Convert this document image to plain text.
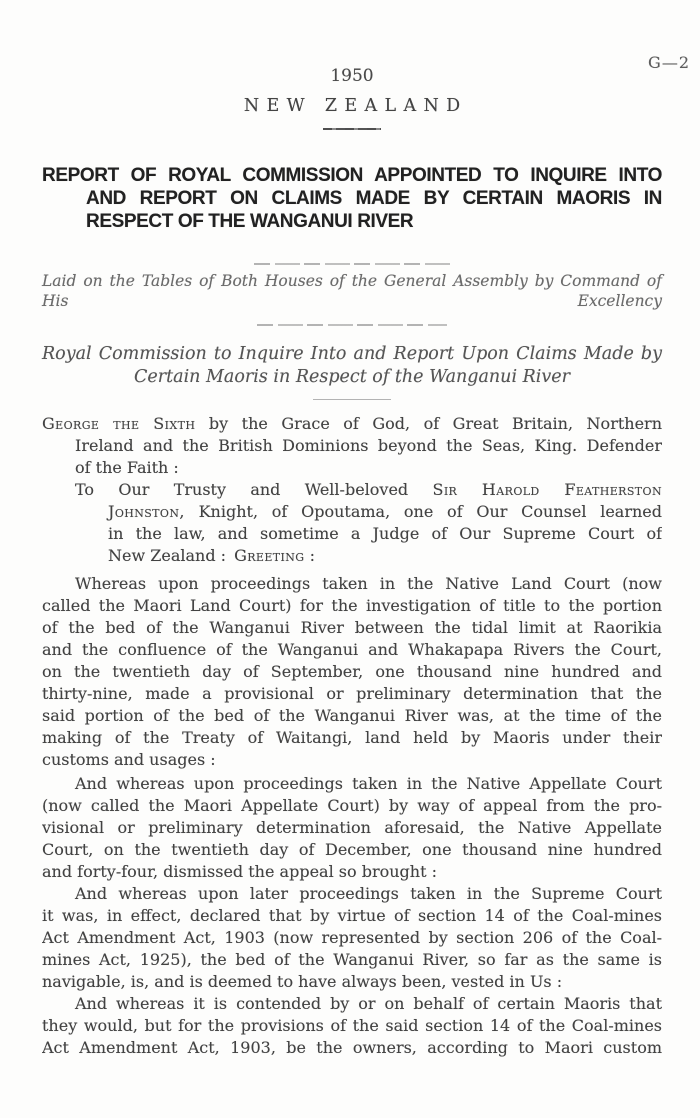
G—2
1950
NEW ZEALAND
REPORT OF ROYAL COMMISSION APPOINTED TO INQUIRE INTO
AND REPORT ON CLAIMS MADE BY CERTAIN MAORIS IN
RESPECT OF THE WANGANUI RIVER
Laid on the Tables of Both Houses of the General Assembly by Command of His Excellency
Royal Commission to Inquire Into and Report Upon Claims Made by
Certain Maoris in Respect of the Wanganui River
George the Sixth by the Grace of God, of Great Britain, Northern
Ireland and the British Dominions beyond the Seas, King. Defender
of the Faith :
To Our Trusty and Well-beloved Sir Harold Featherston
Johnston, Knight, of Opoutama, one of Our Counsel learned
in the law, and sometime a Judge of Our Supreme Court of
New Zealand : Greeting :
Whereas upon proceedings taken in the Native Land Court (now
called the Maori Land Court) for the investigation of title to the portion
of the bed of the Wanganui River between the tidal limit at Raorikia
and the confluence of the Wanganui and Whakapapa Rivers the Court,
on the twentieth day of September, one thousand nine hundred and
thirty-nine, made a provisional or preliminary determination that the
said portion of the bed of the Wanganui River was, at the time of the
making of the Treaty of Waitangi, land held by Maoris under their
customs and usages :
And whereas upon proceedings taken in the Native Appellate Court
(now called the Maori Appellate Court) by way of appeal from the pro-
visional or preliminary determination aforesaid, the Native Appellate
Court, on the twentieth day of December, one thousand nine hundred
and forty-four, dismissed the appeal so brought :
And whereas upon later proceedings taken in the Supreme Court
it was, in effect, declared that by virtue of section 14 of the Coal-mines
Act Amendment Act, 1903 (now represented by section 206 of the Coal-
mines Act, 1925), the bed of the Wanganui River, so far as the same is
navigable, is, and is deemed to have always been, vested in Us :
And whereas it is contended by or on behalf of certain Maoris that
they would, but for the provisions of the said section 14 of the Coal-mines
Act Amendment Act, 1903, be the owners, according to Maori custom
